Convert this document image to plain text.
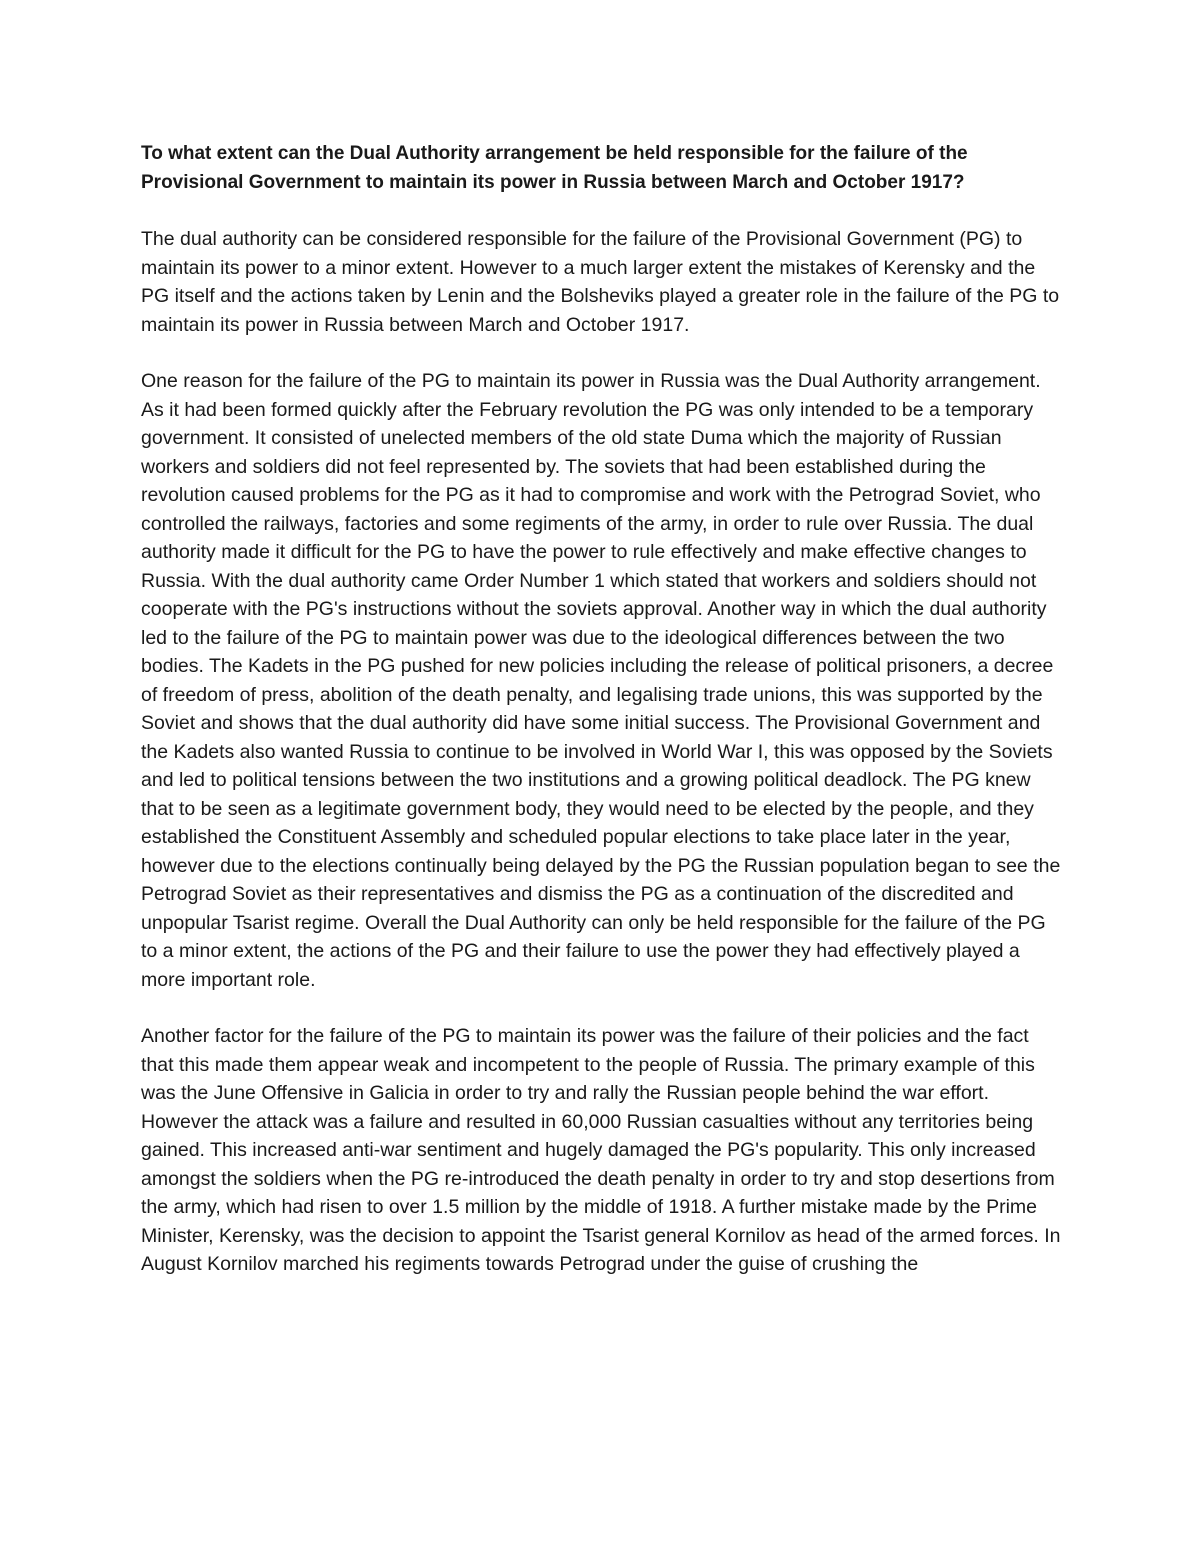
To what extent can the Dual Authority arrangement be held responsible for the failure of the Provisional Government to maintain its power in Russia between March and October 1917?

The dual authority can be considered responsible for the failure of the Provisional Government (PG) to maintain its power to a minor extent. However to a much larger extent the mistakes of Kerensky and the PG itself and the actions taken by Lenin and the Bolsheviks played a greater role in the failure of the PG to maintain its power in Russia between March and October 1917.

One reason for the failure of the PG to maintain its power in Russia was the Dual Authority arrangement. As it had been formed quickly after the February revolution the PG was only intended to be a temporary government. It consisted of unelected members of the old state Duma which the majority of Russian workers and soldiers did not feel represented by. The soviets that had been established during the revolution caused problems for the PG as it had to compromise and work with the Petrograd Soviet, who controlled the railways, factories and some regiments of the army, in order to rule over Russia. The dual authority made it difficult for the PG to have the power to rule effectively and make effective changes to Russia. With the dual authority came Order Number 1 which stated that workers and soldiers should not cooperate with the PG's instructions without the soviets approval. Another way in which the dual authority led to the failure of the PG to maintain power was due to the ideological differences between the two bodies. The Kadets in the PG pushed for new policies including the release of political prisoners, a decree of freedom of press, abolition of the death penalty, and legalising trade unions, this was supported by the Soviet and shows that the dual authority did have some initial success. The Provisional Government and the Kadets also wanted Russia to continue to be involved in World War I, this was opposed by the Soviets and led to political tensions between the two institutions and a growing political deadlock. The PG knew that to be seen as a legitimate government body, they would need to be elected by the people, and they established the Constituent Assembly and scheduled popular elections to take place later in the year, however due to the elections continually being delayed by the PG the Russian population began to see the Petrograd Soviet as their representatives and dismiss the PG as a continuation of the discredited and unpopular Tsarist regime. Overall the Dual Authority can only be held responsible for the failure of the PG to a minor extent, the actions of the PG and their failure to use the power they had effectively played a more important role.

Another factor for the failure of the PG to maintain its power was the failure of their policies and the fact that this made them appear weak and incompetent to the people of Russia. The primary example of this was the June Offensive in Galicia in order to try and rally the Russian people behind the war effort. However the attack was a failure and resulted in 60,000 Russian casualties without any territories being gained. This increased anti-war sentiment and hugely damaged the PG's popularity. This only increased amongst the soldiers when the PG re-introduced the death penalty in order to try and stop desertions from the army, which had risen to over 1.5 million by the middle of 1918. A further mistake made by the Prime Minister, Kerensky, was the decision to appoint the Tsarist general Kornilov as head of the armed forces. In August Kornilov marched his regiments towards Petrograd under the guise of crushing the
